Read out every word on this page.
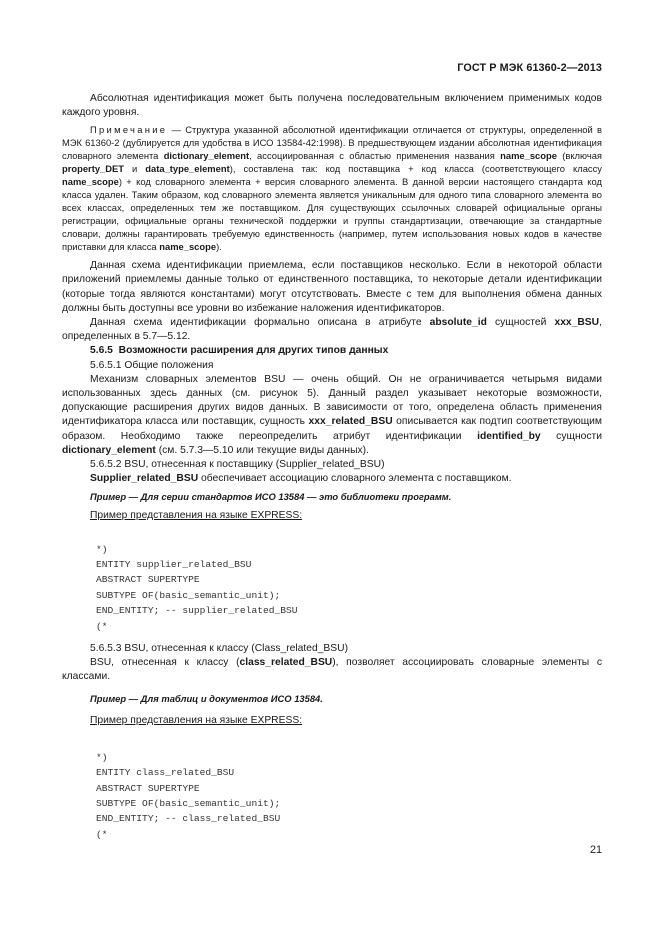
ГОСТ Р МЭК 61360-2—2013

Абсолютная идентификация может быть получена последовательным включением применимых кодов каждого уровня.

Примечание — Структура указанной абсолютной идентификации отличается от структуры, определенной в МЭК 61360-2 (дублируется для удобства в ИСО 13584-42:1998). В предшествующем издании абсолютная идентификация словарного элемента dictionary_element, ассоциированная с областью применения названия name_scope (включая property_DET и data_type_element), составлена так: код поставщика + код класса (соответствующего классу name_scope) + код словарного элемента + версия словарного элемента. В данной версии настоящего стандарта код класса удален. Таким образом, код словарного элемента является уникальным для одного типа словарного элемента во всех классах, определенных тем же поставщиком. Для существующих ссылочных словарей официальные органы регистрации, официальные органы технической поддержки и группы стандартизации, отвечающие за стандартные словари, должны гарантировать требуемую единственность (например, путем использования новых кодов в качестве приставки для класса name_scope).

Данная схема идентификации приемлема, если поставщиков несколько. Если в некоторой области приложений приемлемы данные только от единственного поставщика, то некоторые детали идентификации (которые тогда являются константами) могут отсутствовать. Вместе с тем для выполнения обмена данных должны быть доступны все уровни во избежание наложения идентификаторов.

Данная схема идентификации формально описана в атрибуте absolute_id сущностей xxx_BSU, определенных в 5.7—5.12.

5.6.5 Возможности расширения для других типов данных

5.6.5.1 Общие положения

Механизм словарных элементов BSU — очень общий. Он не ограничивается четырьмя видами использованных здесь данных (см. рисунок 5). Данный раздел указывает некоторые возможности, допускающие расширения других видов данных. В зависимости от того, определена область применения идентификатора класса или поставщик, сущность xxx_related_BSU описывается как подтип соответствующим образом. Необходимо также переопределить атрибут идентификации identified_by сущности dictionary_element (см. 5.7.3—5.10 или текущие виды данных).

5.6.5.2 BSU, отнесенная к поставщику (Supplier_related_BSU)

Supplier_related_BSU обеспечивает ассоциацию словарного элемента с поставщиком.

Пример — Для серии стандартов ИСО 13584 — это библиотеки программ.

Пример представления на языке EXPRESS:

*)
ENTITY supplier_related_BSU
ABSTRACT SUPERTYPE
SUBTYPE OF(basic_semantic_unit);
END_ENTITY; -- supplier_related_BSU
(*

5.6.5.3 BSU, отнесенная к классу (Class_related_BSU)

BSU, отнесенная к классу (class_related_BSU), позволяет ассоциировать словарные элементы с классами.

Пример — Для таблиц и документов ИСО 13584.

Пример представления на языке EXPRESS:

*)
ENTITY class_related_BSU
ABSTRACT SUPERTYPE
SUBTYPE OF(basic_semantic_unit);
END_ENTITY; -- class_related_BSU
(*
21
